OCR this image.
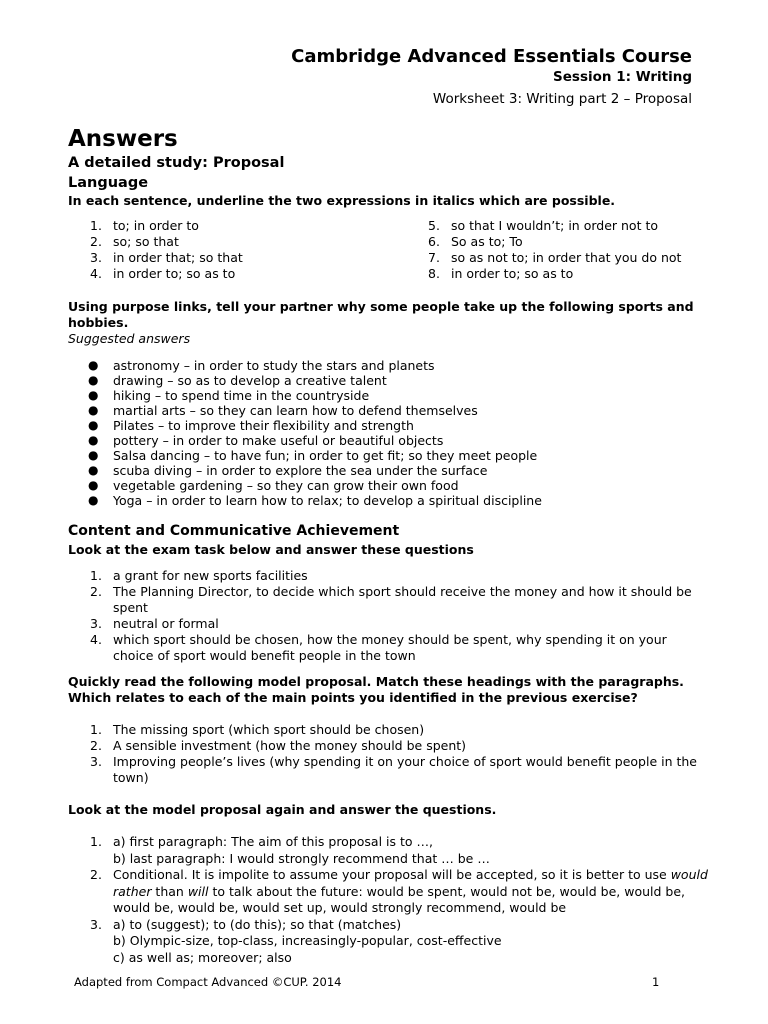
Cambridge Advanced Essentials Course
Session 1: Writing
Worksheet 3: Writing part 2 – Proposal
Answers
A detailed study: Proposal
Language
In each sentence, underline the two expressions in italics which are possible.
1. to; in order to
2. so; so that
3. in order that; so that
4. in order to; so as to
5. so that I wouldn’t; in order not to
6. So as to; To
7. so as not to; in order that you do not
8. in order to; so as to
Using purpose links, tell your partner why some people take up the following sports and hobbies.
Suggested answers
● astronomy – in order to study the stars and planets
● drawing – so as to develop a creative talent
● hiking – to spend time in the countryside
● martial arts – so they can learn how to defend themselves
● Pilates – to improve their flexibility and strength
● pottery – in order to make useful or beautiful objects
● Salsa dancing – to have fun; in order to get fit; so they meet people
● scuba diving – in order to explore the sea under the surface
● vegetable gardening – so they can grow their own food
● Yoga – in order to learn how to relax; to develop a spiritual discipline
Content and Communicative Achievement
Look at the exam task below and answer these questions
1. a grant for new sports facilities
2. The Planning Director, to decide which sport should receive the money and how it should be spent
3. neutral or formal
4. which sport should be chosen, how the money should be spent, why spending it on your choice of sport would benefit people in the town
Quickly read the following model proposal. Match these headings with the paragraphs. Which relates to each of the main points you identified in the previous exercise?
1. The missing sport (which sport should be chosen)
2. A sensible investment (how the money should be spent)
3. Improving people’s lives (why spending it on your choice of sport would benefit people in the town)
Look at the model proposal again and answer the questions.
1. a) first paragraph: The aim of this proposal is to …,
b) last paragraph: I would strongly recommend that … be …
2. Conditional. It is impolite to assume your proposal will be accepted, so it is better to use would rather than will to talk about the future: would be spent, would not be, would be, would be, would be, would be, would set up, would strongly recommend, would be
3. a) to (suggest); to (do this); so that (matches)
b) Olympic-size, top-class, increasingly-popular, cost-effective
c) as well as; moreover; also
Adapted from Compact Advanced ©CUP. 2014	1
